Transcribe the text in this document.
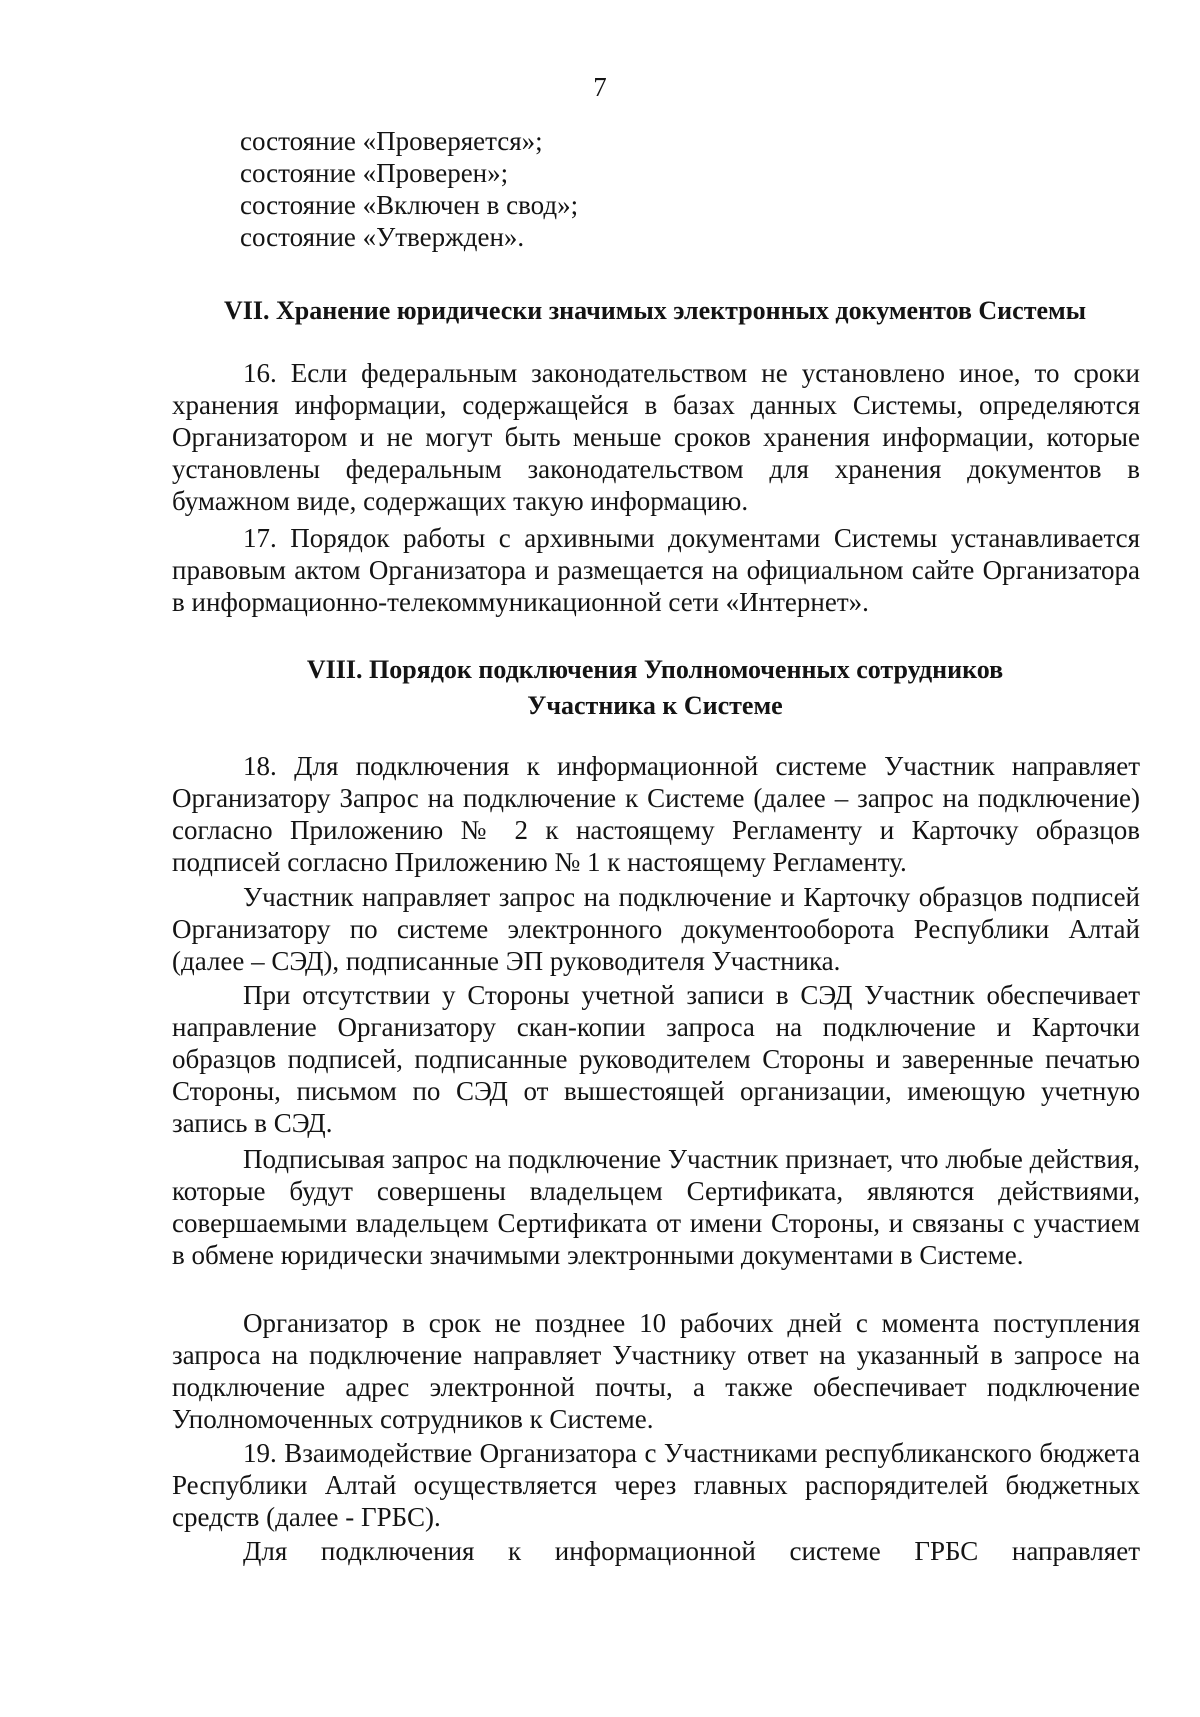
7
состояние «Проверяется»;
состояние «Проверен»;
состояние «Включен в свод»;
состояние «Утвержден».
VII. Хранение юридически значимых электронных документов Системы
16. Если федеральным законодательством не установлено иное, то сроки хранения информации, содержащейся в базах данных Системы, определяются Организатором и не могут быть меньше сроков хранения информации, которые установлены федеральным законодательством для хранения документов в бумажном виде, содержащих такую информацию.
17. Порядок работы с архивными документами Системы устанавливается правовым актом Организатора и размещается на официальном сайте Организатора в информационно-телекоммуникационной сети «Интернет».
VIII. Порядок подключения Уполномоченных сотрудников
Участника к Системе
18. Для подключения к информационной системе Участник направляет Организатору Запрос на подключение к Системе (далее – запрос на подключение) согласно Приложению № 2 к настоящему Регламенту и Карточку образцов подписей согласно Приложению № 1 к настоящему Регламенту.
Участник направляет запрос на подключение и Карточку образцов подписей Организатору по системе электронного документооборота Республики Алтай (далее – СЭД), подписанные ЭП руководителя Участника.
При отсутствии у Стороны учетной записи в СЭД Участник обеспечивает направление Организатору скан-копии запроса на подключение и Карточки образцов подписей, подписанные руководителем Стороны и заверенные печатью Стороны, письмом по СЭД от вышестоящей организации, имеющую учетную запись в СЭД.
Подписывая запрос на подключение Участник признает, что любые действия, которые будут совершены владельцем Сертификата, являются действиями, совершаемыми владельцем Сертификата от имени Стороны, и связаны с участием в обмене юридически значимыми электронными документами в Системе.
Организатор в срок не позднее 10 рабочих дней с момента поступления запроса на подключение направляет Участнику ответ на указанный в запросе на подключение адрес электронной почты, а также обеспечивает подключение Уполномоченных сотрудников к Системе.
19. Взаимодействие Организатора с Участниками республиканского бюджета Республики Алтай осуществляется через главных распорядителей бюджетных средств (далее - ГРБС).
Для подключения к информационной системе ГРБС направляет
